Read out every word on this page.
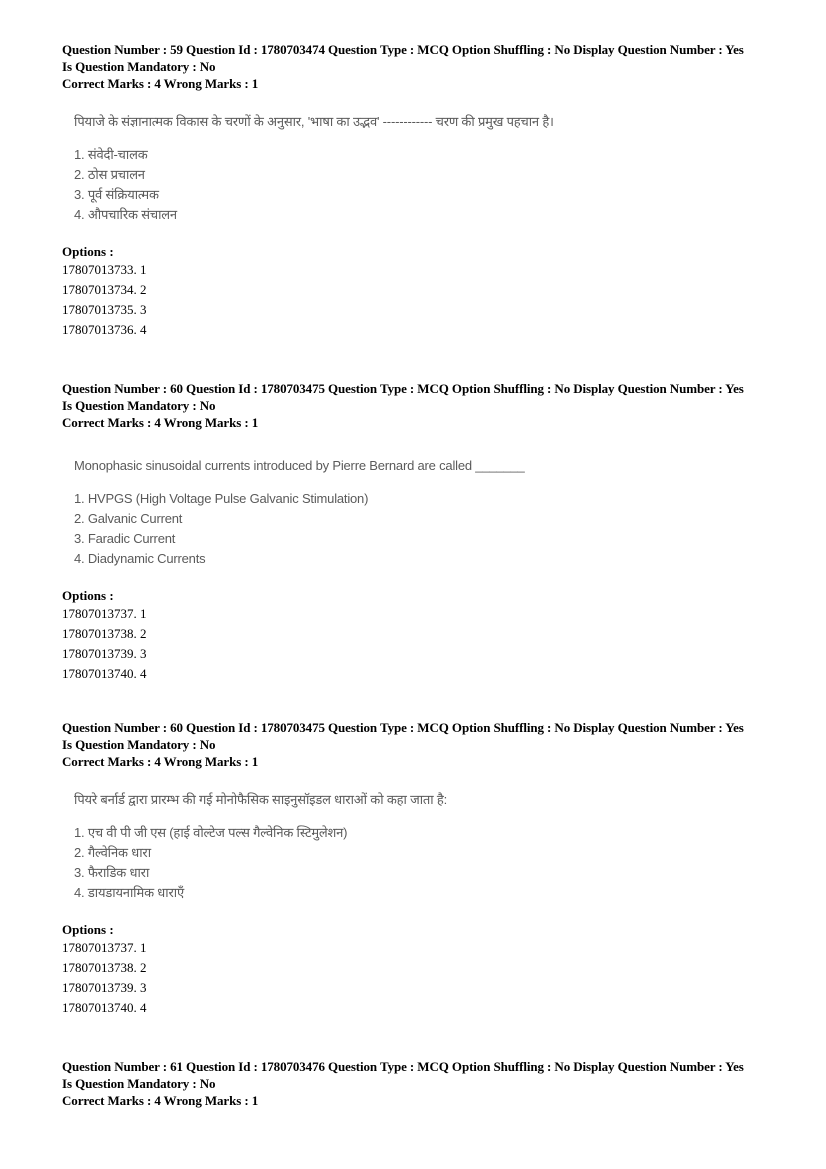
Question Number : 59 Question Id : 1780703474 Question Type : MCQ Option Shuffling : No Display Question Number : Yes
Is Question Mandatory : No
Correct Marks : 4 Wrong Marks : 1
पियाजे के संज्ञानात्मक विकास के चरणों के अनुसार, 'भाषा का उद्भव' ------------ चरण की प्रमुख पहचान है।
1. संवेदी-चालक
2. ठोस प्रचालन
3. पूर्व संक्रियात्मक
4. औपचारिक संचालन
Options :
17807013733. 1
17807013734. 2
17807013735. 3
17807013736. 4
Question Number : 60 Question Id : 1780703475 Question Type : MCQ Option Shuffling : No Display Question Number : Yes
Is Question Mandatory : No
Correct Marks : 4 Wrong Marks : 1
Monophasic sinusoidal currents introduced by Pierre Bernard are called _______
1. HVPGS (High Voltage Pulse Galvanic Stimulation)
2. Galvanic Current
3. Faradic Current
4. Diadynamic Currents
Options :
17807013737. 1
17807013738. 2
17807013739. 3
17807013740. 4
Question Number : 60 Question Id : 1780703475 Question Type : MCQ Option Shuffling : No Display Question Number : Yes
Is Question Mandatory : No
Correct Marks : 4 Wrong Marks : 1
पियरे बर्नार्ड द्वारा प्रारम्भ की गई मोनोफैसिक साइनुसॉइडल धाराओं को कहा जाता है:
1. एच वी पी जी एस (हाई वोल्टेज पल्स गैल्वेनिक स्टिमुलेशन)
2. गैल्वेनिक धारा
3. फैराडिक धारा
4. डायडायनामिक धाराएँ
Options :
17807013737. 1
17807013738. 2
17807013739. 3
17807013740. 4
Question Number : 61 Question Id : 1780703476 Question Type : MCQ Option Shuffling : No Display Question Number : Yes
Is Question Mandatory : No
Correct Marks : 4 Wrong Marks : 1
